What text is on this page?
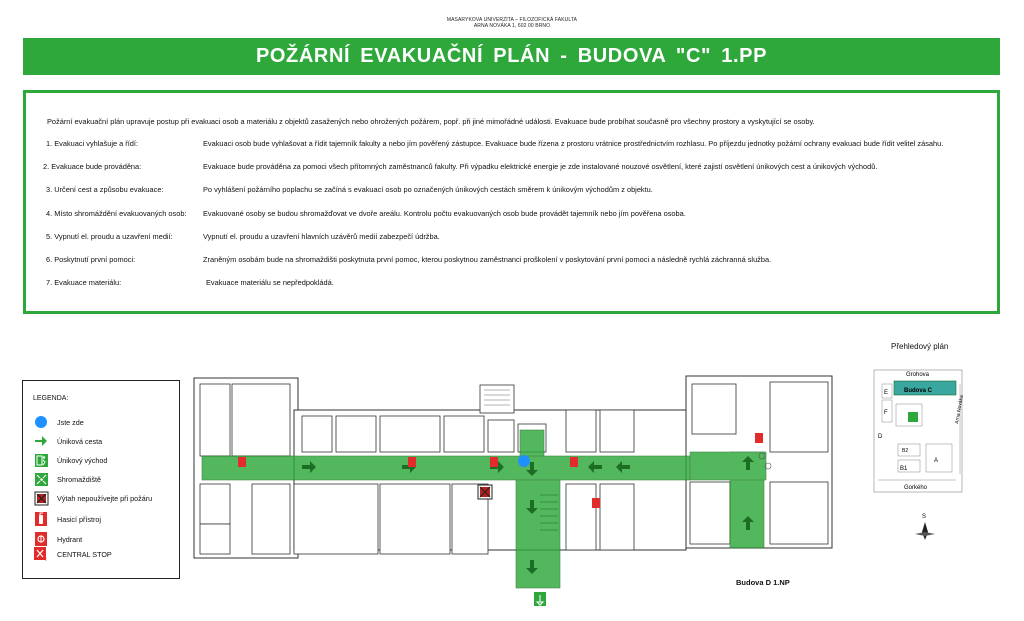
MASARYKOVA UNIVERZITA – FILOZOFICKÁ FAKULTA
ARNA NOVÁKA 1, 602 00 BRNO
POŽÁRNÍ EVAKUAČNÍ PLÁN - BUDOVA "C" 1.PP
Požární evakuační plán upravuje postup při evakuaci osob a materiálu z objektů zasažených nebo ohrožených požárem, popř. při jiné mimořádné události. Evakuace bude probíhat současně pro všechny prostory a vyskytující se osoby.
1. Evakuaci vyhlašuje a řídí:	Evakuaci osob bude vyhlašovat a řídit tajemník fakulty a nebo jím pověřený zástupce. Evakuace bude řízena z prostoru vrátnice prostřednictvím rozhlasu. Po příjezdu jednotky požární ochrany evakuaci bude řídit velitel zásahu.
2. Evakuace bude prováděna:	Evakuace bude prováděna za pomoci všech přítomných zaměstnanců fakulty. Při výpadku elektrické energie je zde instalované nouzové osvětlení, které zajistí osvětlení únikových cest a únikových východů.
3. Určení cest a způsobu evakuace:	Po vyhlášení požárního poplachu se začíná s evakuací osob po označených únikových cestách směrem k únikovým východům z objektu.
4. Místo shromáždění evakuovaných osob:	Evakuované osoby se budou shromažďovat ve dvoře areálu. Kontrolu počtu evakuovaných osob bude provádět tajemník nebo jím pověřena osoba.
5. Vypnutí el. proudu a uzavření medií:	Vypnutí el. proudu a uzavření hlavních uzávěrů medií zabezpečí údržba.
6. Poskytnutí první pomoci:	Zraněným osobám bude na shromaždišti poskytnuta první pomoc, kterou poskytnou zaměstnanci proškolení v poskytování první pomoci a následně rychlá záchranná služba.
7. Evakuace materiálu:	Evakuace materiálu se nepředpokládá.
LEGENDA:
Jste zde
Úniková cesta
Únikový východ
Shromaždiště
Výtah nepoužívejte při požáru
Hasicí přístroj
Hydrant
c
CENTRAL STOP
Budova D 1.NP
Přehledový plán
Grohova
Budova C
E
F
B2
B1
A
D
Gorkého
Arna Nováka
S
